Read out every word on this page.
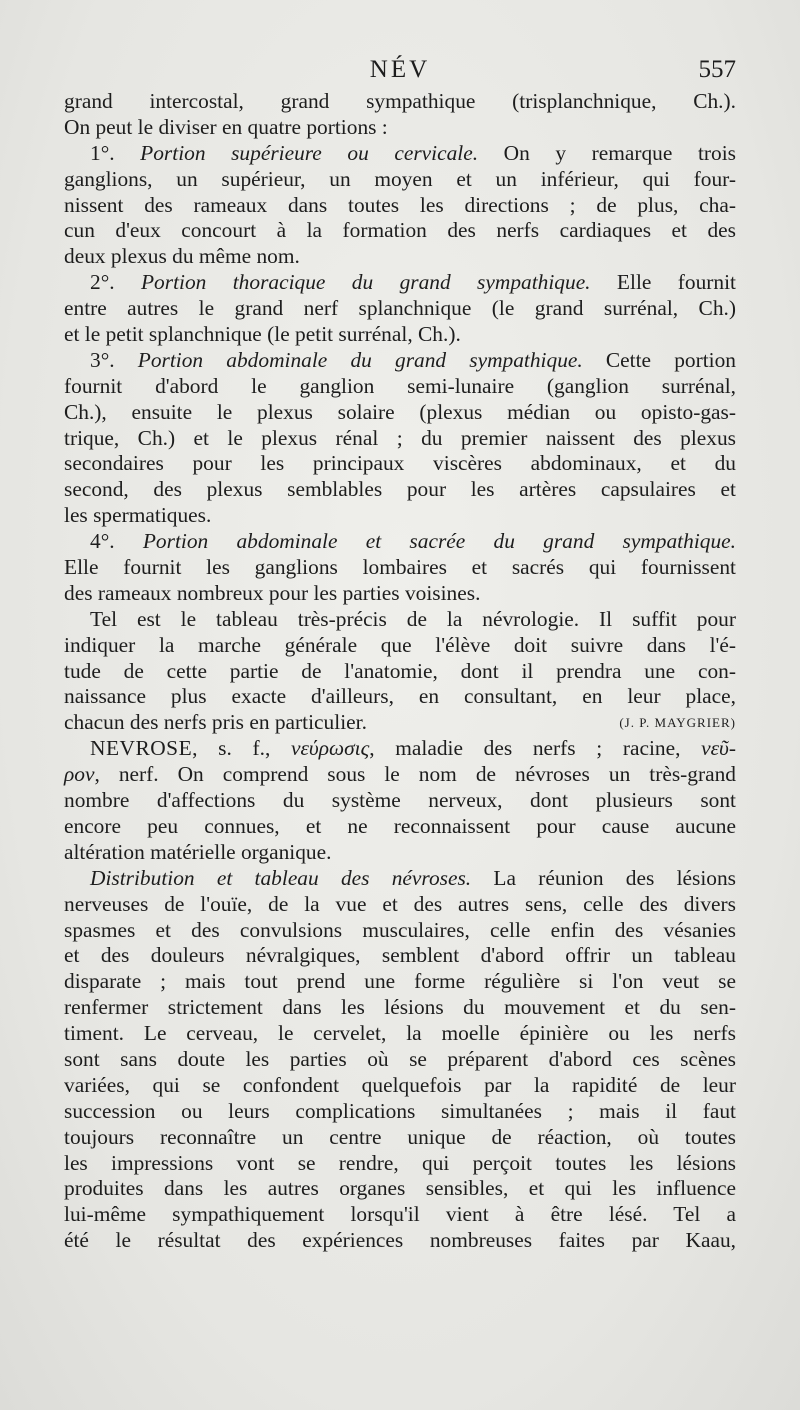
NÉV	557
grand intercostal, grand sympathique (trisplanchnique, Ch.).
On peut le diviser en quatre portions :
1°. Portion supérieure ou cervicale. On y remarque trois
ganglions, un supérieur, un moyen et un inférieur, qui four-
nissent des rameaux dans toutes les directions ; de plus, cha-
cun d'eux concourt à la formation des nerfs cardiaques et des
deux plexus du même nom.
2°. Portion thoracique du grand sympathique. Elle fournit
entre autres le grand nerf splanchnique (le grand surrénal, Ch.)
et le petit splanchnique (le petit surrénal, Ch.).
3°. Portion abdominale du grand sympathique. Cette portion
fournit d'abord le ganglion semi-lunaire (ganglion surrénal,
Ch.), ensuite le plexus solaire (plexus médian ou opisto-gas-
trique, Ch.) et le plexus rénal ; du premier naissent des plexus
secondaires pour les principaux viscères abdominaux, et du
second, des plexus semblables pour les artères capsulaires et
les spermatiques.
4°. Portion abdominale et sacrée du grand sympathique.
Elle fournit les ganglions lombaires et sacrés qui fournissent
des rameaux nombreux pour les parties voisines.
Tel est le tableau très-précis de la névrologie. Il suffit pour
indiquer la marche générale que l'élève doit suivre dans l'é-
tude de cette partie de l'anatomie, dont il prendra une con-
naissance plus exacte d'ailleurs, en consultant, en leur place,
chacun des nerfs pris en particulier.	(J. P. MAYGRIER)
NEVROSE, s. f., νεύρωσις, maladie des nerfs ; racine, νεῦ-
ρον, nerf. On comprend sous le nom de névroses un très-grand
nombre d'affections du système nerveux, dont plusieurs sont
encore peu connues, et ne reconnaissent pour cause aucune
altération matérielle organique.
Distribution et tableau des névroses. La réunion des lésions
nerveuses de l'ouïe, de la vue et des autres sens, celle des divers
spasmes et des convulsions musculaires, celle enfin des vésanies
et des douleurs névralgiques, semblent d'abord offrir un tableau
disparate ; mais tout prend une forme régulière si l'on veut se
renfermer strictement dans les lésions du mouvement et du sen-
timent. Le cerveau, le cervelet, la moelle épinière ou les nerfs
sont sans doute les parties où se préparent d'abord ces scènes
variées, qui se confondent quelquefois par la rapidité de leur
succession ou leurs complications simultanées ; mais il faut
toujours reconnaître un centre unique de réaction, où toutes
les impressions vont se rendre, qui perçoit toutes les lésions
produites dans les autres organes sensibles, et qui les influence
lui-même sympathiquement lorsqu'il vient à être lésé. Tel a
été le résultat des expériences nombreuses faites par Kaau,
